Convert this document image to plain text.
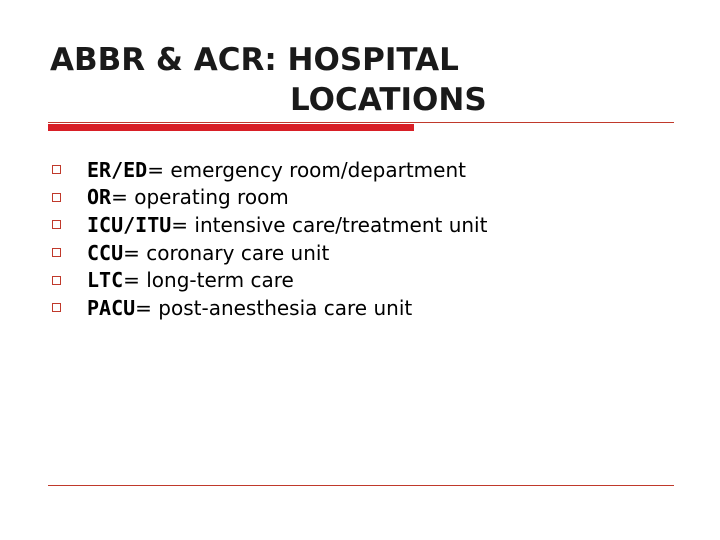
ABBR & ACR: HOSPITAL
LOCATIONS
ER/ED = emergency room/department
OR = operating room
ICU/ITU = intensive care/treatment unit
CCU = coronary care unit
LTC = long-term care
PACU = post-anesthesia care unit
